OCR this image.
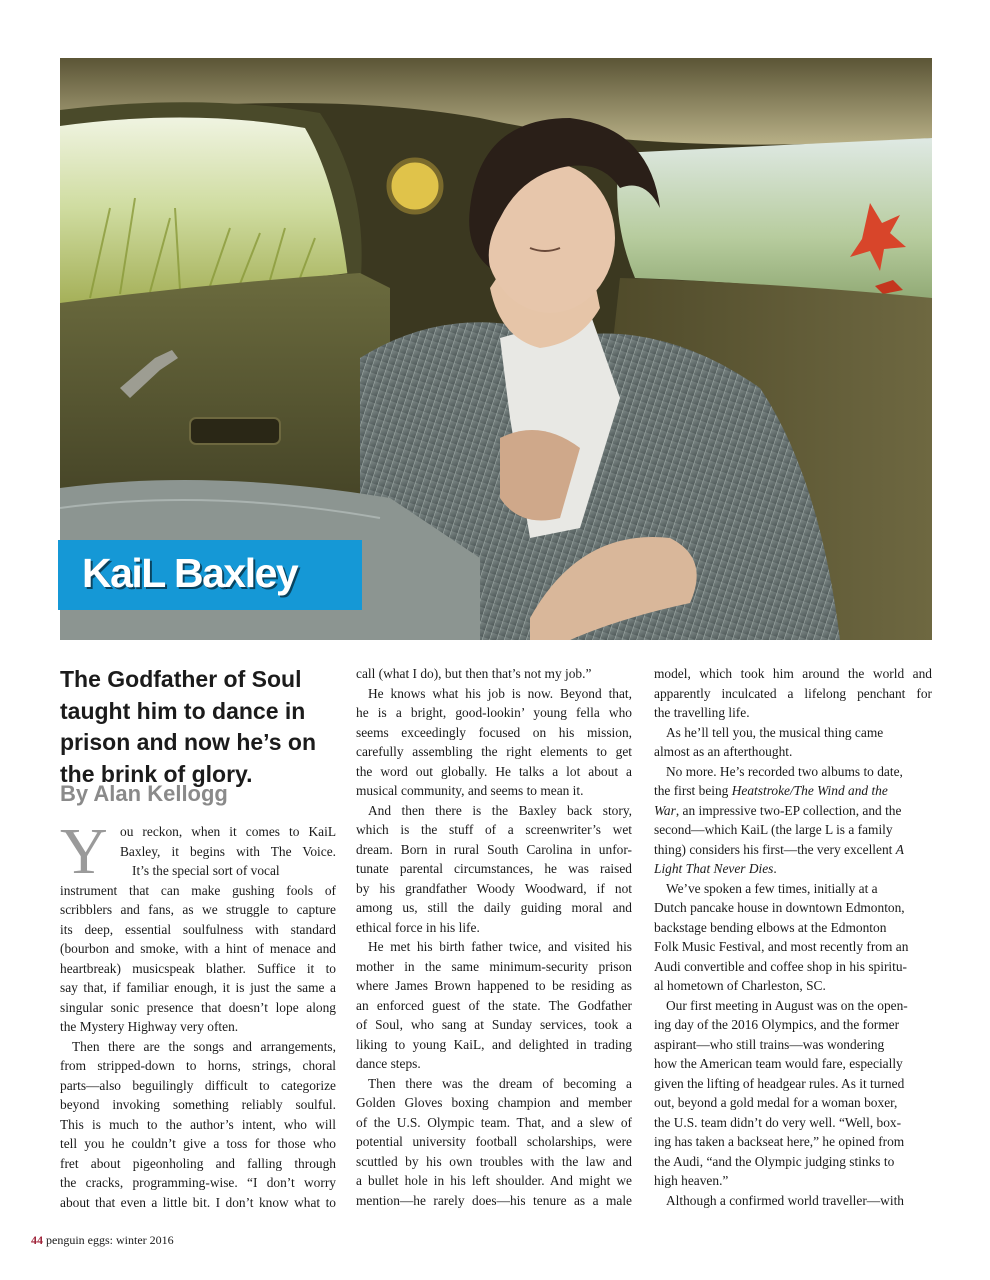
KaiL Baxley
The Godfather of Soul taught him to dance in prison and now he’s on the brink of glory.
By Alan Kellogg
Y ou reckon, when it comes to KaiL
Baxley, it begins with The Voice.
It’s the special sort of vocal
instrument that can make gushing fools of
scribblers and fans, as we struggle to capture
its deep, essential soulfulness with standard
(bourbon and smoke, with a hint of menace and
heartbreak) musicspeak blather. Suffice it to
say that, if familiar enough, it is just the same a
singular sonic presence that doesn’t lope along
the Mystery Highway very often.
Then there are the songs and arrangements,
from stripped-down to horns, strings, choral
parts—also beguilingly difficult to categorize
beyond invoking something reliably soulful.
This is much to the author’s intent, who will
tell you he couldn’t give a toss for those who
fret about pigeonholing and falling through
the cracks, programming-wise. “I don’t worry
about that even a little bit. I don’t know what to
call (what I do), but then that’s not my job.”
He knows what his job is now. Beyond that,
he is a bright, good-lookin’ young fella who
seems exceedingly focused on his mission,
carefully assembling the right elements to get
the word out globally. He talks a lot about a
musical community, and seems to mean it.
And then there is the Baxley back story,
which is the stuff of a screenwriter’s wet
dream. Born in rural South Carolina in unfor-
tunate parental circumstances, he was raised
by his grandfather Woody Woodward, if not
among us, still the daily guiding moral and
ethical force in his life.
He met his birth father twice, and visited his
mother in the same minimum-security prison
where James Brown happened to be residing as
an enforced guest of the state. The Godfather
of Soul, who sang at Sunday services, took a
liking to young KaiL, and delighted in trading
dance steps.
Then there was the dream of becoming a
Golden Gloves boxing champion and member
of the U.S. Olympic team. That, and a slew of
potential university football scholarships, were
scuttled by his own troubles with the law and
a bullet hole in his left shoulder. And might we
mention—he rarely does—his tenure as a male
model, which took him around the world and
apparently inculcated a lifelong penchant for
the travelling life.
As he’ll tell you, the musical thing came
almost as an afterthought.
No more. He’s recorded two albums to date,
the first being Heatstroke/The Wind and the
War, an impressive two-EP collection, and the
second—which KaiL (the large L is a family
thing) considers his first—the very excellent A
Light That Never Dies.
We’ve spoken a few times, initially at a
Dutch pancake house in downtown Edmonton,
backstage bending elbows at the Edmonton
Folk Music Festival, and most recently from an
Audi convertible and coffee shop in his spiritu-
al hometown of Charleston, SC.
Our first meeting in August was on the open-
ing day of the 2016 Olympics, and the former
aspirant—who still trains—was wondering
how the American team would fare, especially
given the lifting of headgear rules. As it turned
out, beyond a gold medal for a woman boxer,
the U.S. team didn’t do very well. “Well, box-
ing has taken a backseat here,” he opined from
the Audi, “and the Olympic judging stinks to
high heaven.”
Although a confirmed world traveller—with
44 penguin eggs: winter 2016
